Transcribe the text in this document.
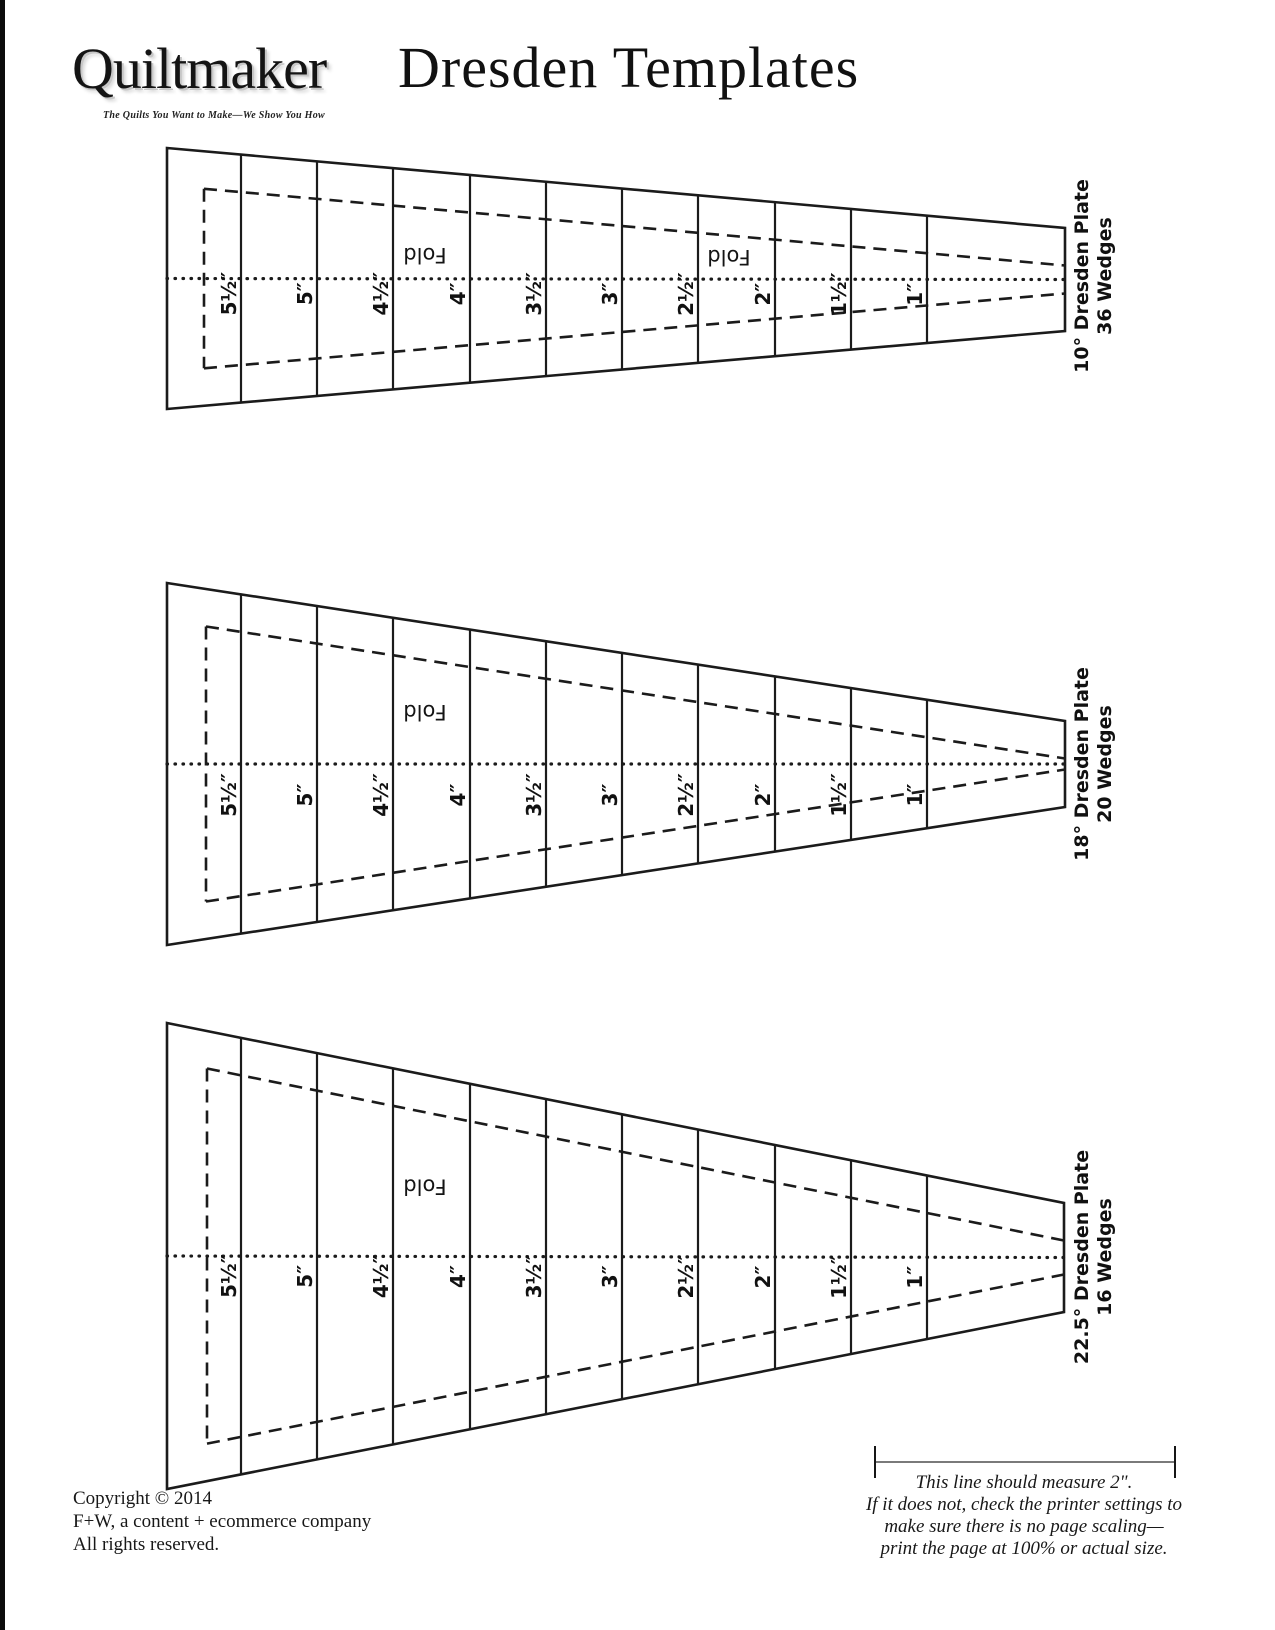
Quiltmaker
The Quilts You Want to Make—We Show You How
Dresden Templates
5½″	5″	4½″	4″	3½″	3″	2½″	2″	1½″	1″
Fold	Fold
5½″	5″	4½″	4″	3½″	3″	2½″	2″	1½″	1″
Fold
5½″	5″	4½″	4″	3½″	3″	2½″	2″	1½″	1″
Fold
10° Dresden Plate 36 Wedges
18° Dresden Plate 20 Wedges
22.5° Dresden Plate 16 Wedges
This line should measure 2".
If it does not, check the printer settings to
make sure there is no page scaling—
print the page at 100% or actual size.
Copyright © 2014
F+W, a content + ecommerce company
All rights reserved.
